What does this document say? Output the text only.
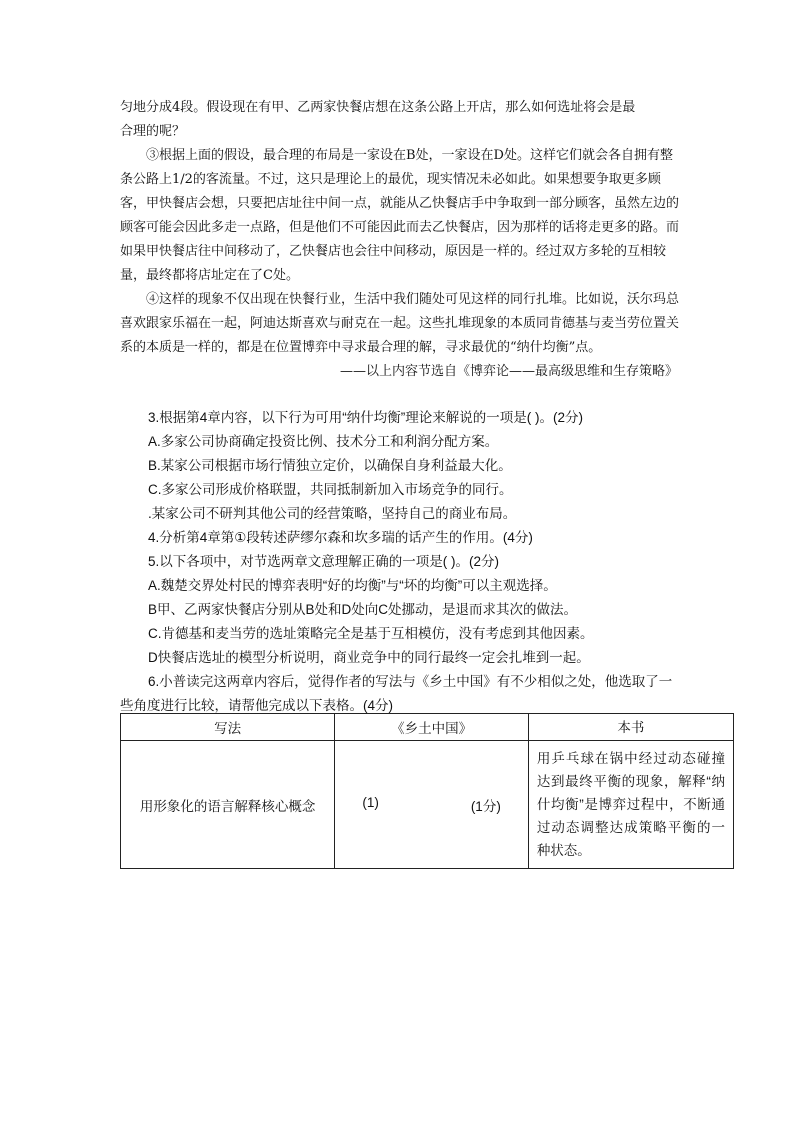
匀地分成4段。假设现在有甲、乙两家快餐店想在这条公路上开店，那么如何选址将会是最

合理的呢？

③根据上面的假设，最合理的布局是一家设在B处，一家设在D处。这样它们就会各自拥有整条公路上1/2的客流量。不过，这只是理论上的最优，现实情况未必如此。如果想要争取更多顾客，甲快餐店会想，只要把店址往中间一点，就能从乙快餐店手中争取到一部分顾客，虽然左边的顾客可能会因此多走一点路，但是他们不可能因此而去乙快餐店，因为那样的话将走更多的路。而如果甲快餐店往中间移动了，乙快餐店也会往中间移动，原因是一样的。经过双方多轮的互相较量，最终都将店址定在了C处。

④这样的现象不仅出现在快餐行业，生活中我们随处可见这样的同行扎堆。比如说，沃尔玛总喜欢跟家乐福在一起，阿迪达斯喜欢与耐克在一起。这些扎堆现象的本质同肯德基与麦当劳位置关系的本质是一样的，都是在位置博弈中寻求最合理的解，寻求最优的“纳什均衡”点。

——以上内容节选自《博弈论——最高级思维和生存策略》

3.根据第4章内容，以下行为可用“纳什均衡”理论来解说的一项是( )。(2分)

A.多家公司协商确定投资比例、技术分工和利润分配方案。

B.某家公司根据市场行情独立定价，以确保自身利益最大化。

C.多家公司形成价格联盟，共同抵制新加入市场竞争的同行。

.某家公司不研判其他公司的经营策略，坚持自己的商业布局。

4.分析第4章第①段转述萨缪尔森和坎多瑞的话产生的作用。(4分)

5.以下各项中，对节选两章文意理解正确的一项是( )。(2分)

A.魏楚交界处村民的博弈表明“好的均衡”与“坏的均衡”可以主观选择。

B甲、乙两家快餐店分别从B处和D处向C处挪动，是退而求其次的做法。

C.肯德基和麦当劳的选址策略完全是基于互相模仿，没有考虑到其他因素。

D快餐店选址的模型分析说明，商业竞争中的同行最终一定会扎堆到一起。

6.小普读完这两章内容后，觉得作者的写法与《乡土中国》有不少相似之处，他选取了一些角度进行比较，请帮他完成以下表格。(4分)

写法	《乡土中国》	本书
用形象化的语言解释核心概念	(1) (1分)	用乒乓球在锅中经过动态碰撞达到最终平衡的现象，解释“纳什均衡”是博弈过程中，不断通过动态调整达成策略平衡的一种状态。
